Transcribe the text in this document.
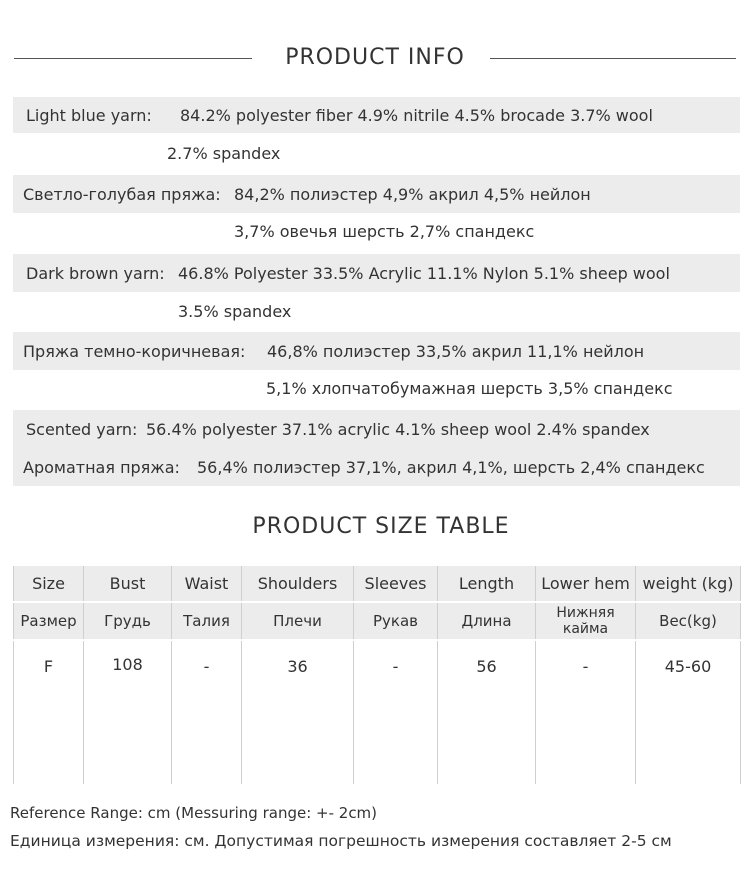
PRODUCT INFO
Light blue yarn:	84.2% polyester fiber 4.9% nitrile 4.5% brocade 3.7% wool
2.7% spandex
Светло-голубая пряжа: 84,2% полиэстер 4,9% акрил 4,5% нейлон
3,7% овечья шерсть 2,7% спандекс
Dark brown yarn: 46.8% Polyester 33.5% Acrylic 11.1% Nylon 5.1% sheep wool
3.5% spandex
Пряжа темно-коричневая:	46,8% полиэстер 33,5% акрил 11,1% нейлон
5,1% хлопчатобумажная шерсть 3,5% спандекс
Scented yarn: 56.4% polyester 37.1% acrylic 4.1% sheep wool 2.4% spandex
Ароматная пряжа:	56,4% полиэстер 37,1%, акрил 4,1%, шерсть 2,4% спандекс
PRODUCT SIZE TABLE
Size	Bust	Waist	Shoulders	Sleeves	Length	Lower hem	weight (kg)
Размер	Грудь	Талия	Плечи	Рукав	Длина	Нижняя кайма	Вес(kg)
F	108	-	36	-	56	-	45-60
Reference Range: cm (Messuring range: +- 2cm)
Единица измерения: см. Допустимая погрешность измерения составляет 2-5 см
